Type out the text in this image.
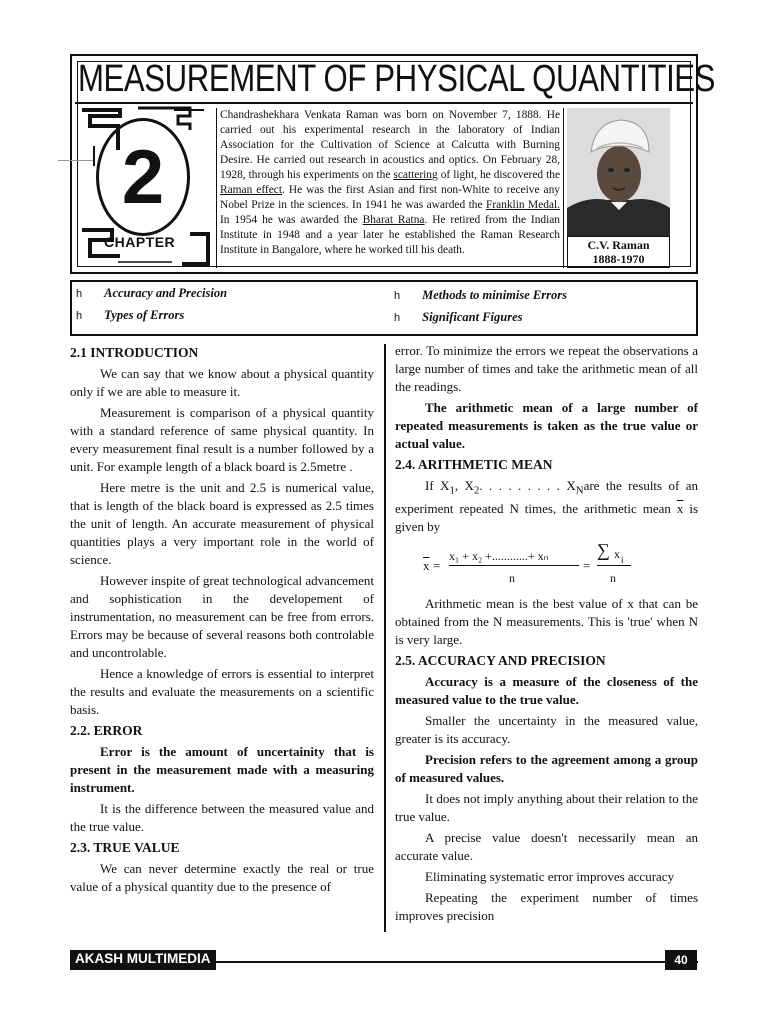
MEASUREMENT OF PHYSICAL QUANTITIES
2
CHAPTER
Chandrashekhara Venkata Raman was born on November 7, 1888. He carried out his experimental research in the laboratory of Indian Association for the Cultivation of Science at Calcutta with Burning Desire. He carried out research in acoustics and optics. On February 28, 1928, through his experiments on the scattering of light, he discovered the Raman effect. He was the first Asian and first non-White to receive any Nobel Prize in the sciences. In 1941 he was awarded the Franklin Medal. In 1954 he was awarded the Bharat Ratna. He retired from the Indian Institute in 1948 and a year later he established the Raman Research Institute in Bangalore, where he worked till his death.	C.V. Raman
1888-1970
h Accuracy and Precision
h Types of Errors
h Methods to minimise Errors
h Significant Figures
2.1 INTRODUCTION

We can say that we know about a physical quantity only if we are able to measure it.

Measurement is comparison of a physical quantity with a standard reference of same physical quantity. In every measurement final result is a number followed by a unit. For example length of a black board is 2.5metre .

Here metre is the unit and 2.5 is numerical value, that is length of the black board is expressed as 2.5 times the unit of length. An accurate measurement of physical quantities plays a very important role in the world of science.

However inspite of great technological advancement and sophistication in the developement of instrumentation, no measurement can be free from errors. Errors may be because of several reasons both controlable and uncontrolable.

Hence a knowledge of errors is essential to interpret the results and evaluate the measurements on a scientific basis.

2.2. ERROR

Error is the amount of uncertainity that is present in the measurement made with a measuring instrument.

It is the difference between the measured value and the true value.

2.3. TRUE VALUE

We can never determine exactly the real or true value of a physical quantity due to the presence of

error. To minimize the errors we repeat the observations a large number of times and take the arithmetic mean of all the readings.

The arithmetic mean of a large number of repeated measurements is taken as the true value or actual value.

2.4. ARITHMETIC MEAN

If $X_1$, $X_2$. . . . . . . . . $X_Nare$ the results of an experiment repeated N times, the arithmetic mean $\overline{x}$ is given by

$\overline{x}$ =
x₁ + x₂ +............+ xₙ
n
=
∑ x i
n

Arithmetic mean is the best value of x that can be obtained from the N measurements. This is 'true' when N is very large.

2.5. ACCURACY AND PRECISION

Accuracy is a measure of the closeness of the measured value to the true value.

Smaller the uncertainty in the measured value, greater is its accuracy.

Precision refers to the agreement among a group of measured values.

It does not imply anything about their relation to the true value.

A precise value doesn't necessarily mean an accurate value.

Eliminating systematic error improves accuracy

Repeating the experiment number of times improves precision

AKASH MULTIMEDIA	40
